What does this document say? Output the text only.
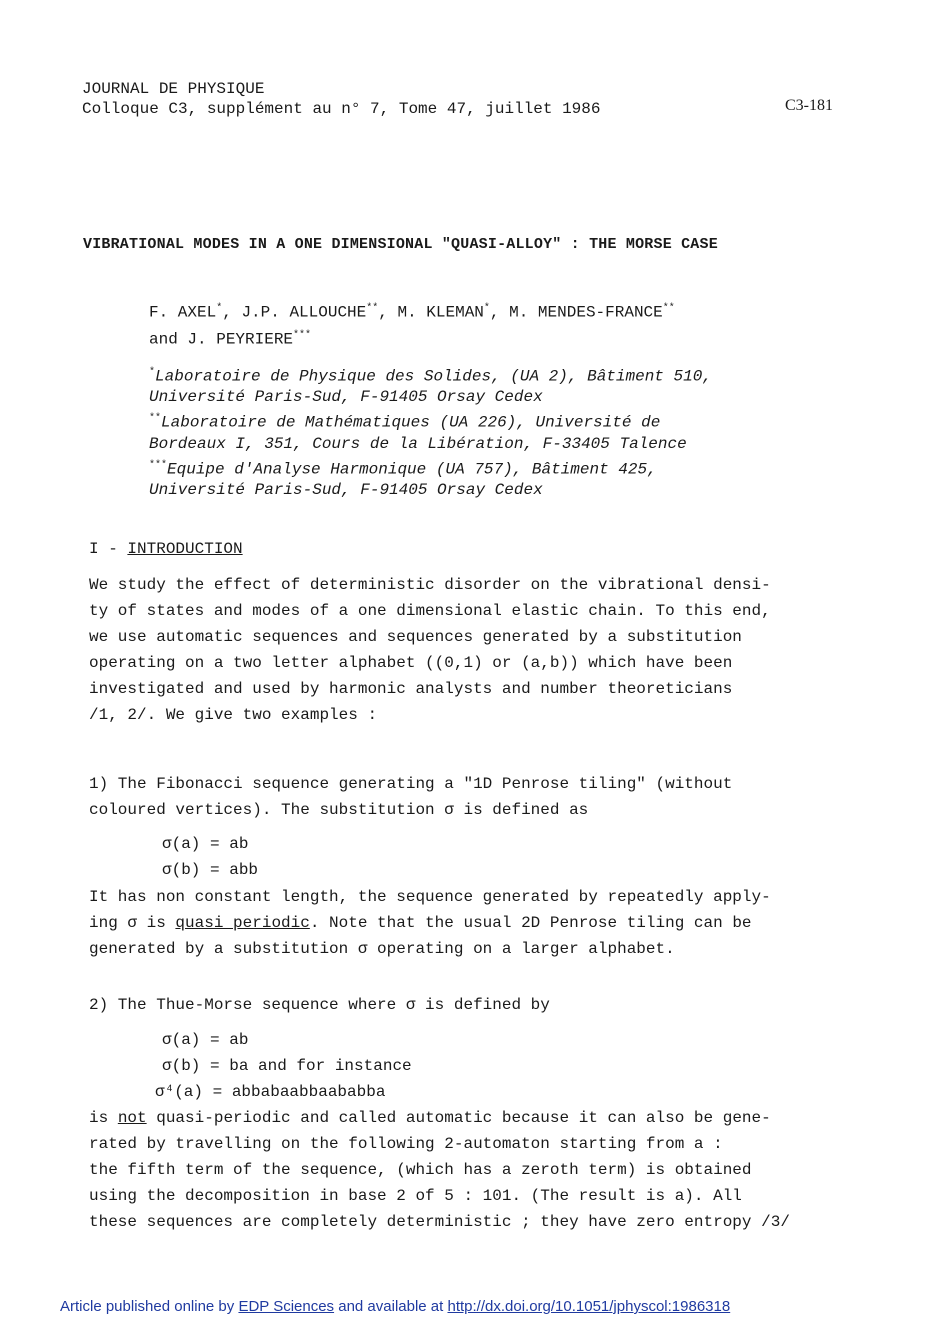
JOURNAL DE PHYSIQUE
Colloque C3, supplément au n° 7, Tome 47, juillet 1986	C3-181
VIBRATIONAL MODES IN A ONE DIMENSIONAL "QUASI-ALLOY" : THE MORSE CASE
F. AXEL*, J.P. ALLOUCHE**, M. KLEMAN*, M. MENDES-FRANCE**
and J. PEYRIERE***
*Laboratoire de Physique des Solides, (UA 2), Bâtiment 510,
Université Paris-Sud, F-91405 Orsay Cedex
**Laboratoire de Mathématiques (UA 226), Université de
Bordeaux I, 351, Cours de la Libération, F-33405 Talence
***Equipe d'Analyse Harmonique (UA 757), Bâtiment 425,
Université Paris-Sud, F-91405 Orsay Cedex
I - INTRODUCTION
We study the effect of deterministic disorder on the vibrational densi-
ty of states and modes of a one dimensional elastic chain. To this end,
we use automatic sequences and sequences generated by a substitution
operating on a two letter alphabet ((0,1) or (a,b)) which have been
investigated and used by harmonic analysts and number theoreticians
/1, 2/. We give two examples :
1) The Fibonacci sequence generating a "1D Penrose tiling" (without
coloured vertices). The substitution σ is defined as
σ(a) = ab
σ(b) = abb
It has non constant length, the sequence generated by repeatedly apply-
ing σ is quasi periodic. Note that the usual 2D Penrose tiling can be
generated by a substitution σ operating on a larger alphabet.
2) The Thue-Morse sequence where σ is defined by
σ(a) = ab
σ(b) = ba and for instance
σ⁴(a) = abbabaabbaababba
is not quasi-periodic and called automatic because it can also be gene-
rated by travelling on the following 2-automaton starting from a :
the fifth term of the sequence, (which has a zeroth term) is obtained
using the decomposition in base 2 of 5 : 101. (The result is a). All
these sequences are completely deterministic ; they have zero entropy /3/
Article published online by EDP Sciences and available at http://dx.doi.org/10.1051/jphyscol:1986318
